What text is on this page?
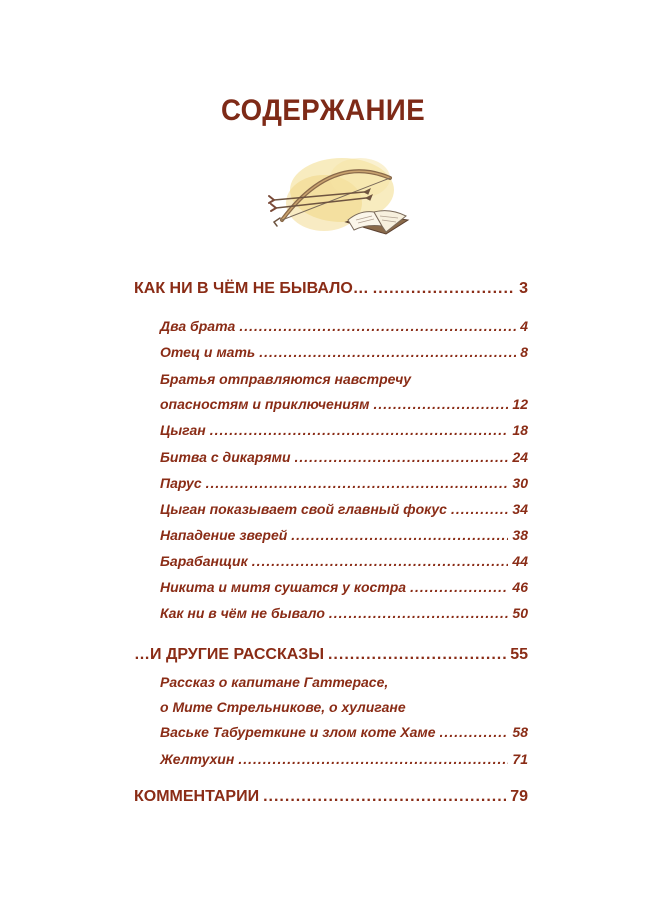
СОДЕРЖАНИЕ
КАК НИ В ЧЁМ НЕ БЫВАЛО… .....	3
Два брата .....	4
Отец и мать .....	8
Братья отправляются навстречу
опасностям и приключениям .....	12
Цыган .....	18
Битва с дикарями .....	24
Парус .....	30
Цыган показывает свой главный фокус .....	34
Нападение зверей .....	38
Барабанщик .....	44
Никита и митя сушатся у костра .....	46
Как ни в чём не бывало .....	50
…И ДРУГИЕ РАССКАЗЫ .....	55
Рассказ о капитане Гаттерасе,
о Мите Стрельникове, о хулигане
Ваське Табуреткине и злом коте Хаме .....	58
Желтухин .....	71
КОММЕНТАРИИ .....	79
